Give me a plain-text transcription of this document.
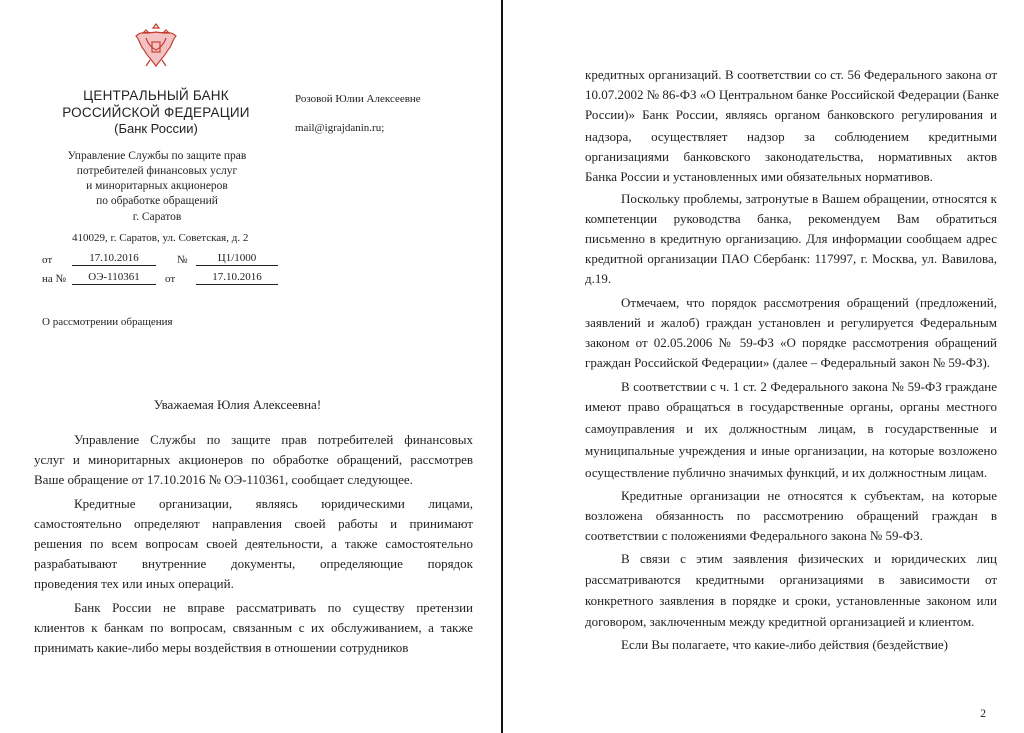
ЦЕНТРАЛЬНЫЙ БАНК
РОССИЙСКОЙ ФЕДЕРАЦИИ
(Банк России)
Управление Службы по защите прав
потребителей финансовых услуг
и миноритарных акционеров
по обработке обращений
г. Саратов
410029, г. Саратов, ул. Советская, д. 2
от	17.10.2016	№	Ц1/1000
на №	ОЭ-110361	от	17.10.2016
Розовой Юлии Алексеевне
mail@igrajdanin.ru;
О рассмотрении обращения
Уважаемая Юлия Алексеевна!
Управление Службы по защите прав потребителей финансовых
услуг и миноритарных акционеров по обработке обращений, рассмотрев
Ваше обращение от 17.10.2016 № ОЭ-110361, сообщает следующее.
Кредитные организации, являясь юридическими лицами,
самостоятельно определяют направления своей работы и принимают
решения по всем вопросам своей деятельности, а также самостоятельно
разрабатывают внутренние документы, определяющие порядок
проведения тех или иных операций.
Банк России не вправе рассматривать по существу претензии
клиентов к банкам по вопросам, связанным с их обслуживанием, а также
принимать какие-либо меры воздействия в отношении сотрудников
кредитных организаций. В соответствии со ст. 56 Федерального закона от
10.07.2002 № 86-ФЗ «О Центральном банке Российской Федерации (Банке
России)» Банк России, являясь органом банковского регулирования и
надзора, осуществляет надзор за соблюдением кредитными
организациями банковского законодательства, нормативных актов
Банка России и установленных ими обязательных нормативов.
Поскольку проблемы, затронутые в Вашем обращении, относятся к
компетенции руководства банка, рекомендуем Вам обратиться
письменно в кредитную организацию. Для информации сообщаем адрес
кредитной организации ПАО Сбербанк: 117997, г. Москва, ул. Вавилова,
д.19.
Отмечаем, что порядок рассмотрения обращений (предложений,
заявлений и жалоб) граждан установлен и регулируется Федеральным
законом от 02.05.2006 № 59-ФЗ «О порядке рассмотрения обращений
граждан Российской Федерации» (далее – Федеральный закон № 59-ФЗ).
В соответствии с ч. 1 ст. 2 Федерального закона № 59-ФЗ граждане
имеют право обращаться в государственные органы, органы местного
самоуправления и их должностным лицам, в государственные и
муниципальные учреждения и иные организации, на которые возложено
осуществление публично значимых функций, и их должностным лицам.
Кредитные организации не относятся к субъектам, на которые
возложена обязанность по рассмотрению обращений граждан в
соответствии с положениями Федерального закона № 59-ФЗ.
В связи с этим заявления физических и юридических лиц
рассматриваются кредитными организациями в зависимости от
конкретного заявления в порядке и сроки, установленные законом или
договором, заключенным между кредитной организацией и клиентом.
Если Вы полагаете, что какие-либо действия (бездействие)
2
